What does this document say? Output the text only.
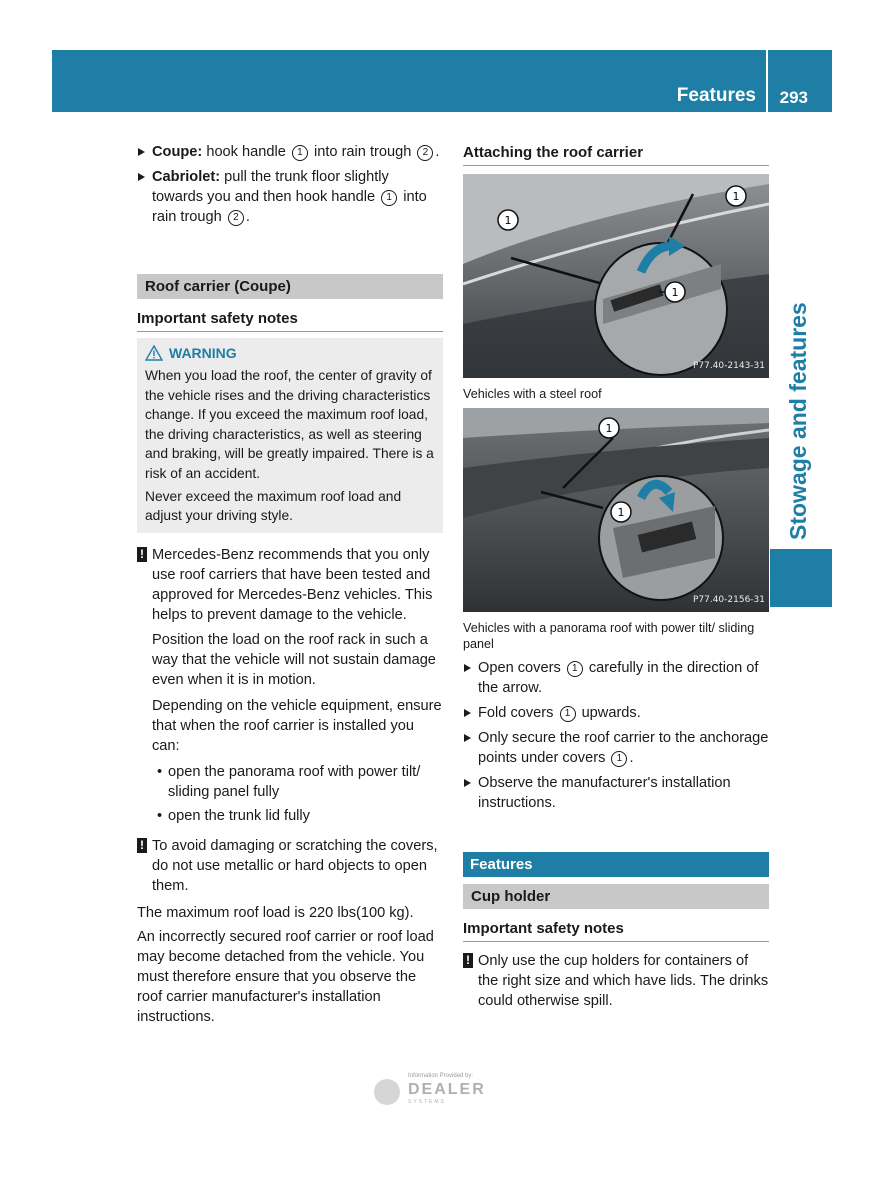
Features 293
Stowage and features
Coupe: hook handle 1 into rain trough 2 .
Cabriolet: pull the trunk floor slightly towards you and then hook handle 1 into rain trough 2 .
Roof carrier (Coupe)
Important safety notes
WARNING
When you load the roof, the center of gravity of the vehicle rises and the driving characteristics change. If you exceed the maximum roof load, the driving characteristics, as well as steering and braking, will be greatly impaired. There is a risk of an accident.
Never exceed the maximum roof load and adjust your driving style.
! Mercedes-Benz recommends that you only use roof carriers that have been tested and approved for Mercedes-Benz vehicles. This helps to prevent damage to the vehicle.
Position the load on the roof rack in such a way that the vehicle will not sustain damage even when it is in motion.
Depending on the vehicle equipment, ensure that when the roof carrier is installed you can:
• open the panorama roof with power tilt/ sliding panel fully
• open the trunk lid fully
! To avoid damaging or scratching the covers, do not use metallic or hard objects to open them.
The maximum roof load is 220 lbs(100 kg).
An incorrectly secured roof carrier or roof load may become detached from the vehicle. You must therefore ensure that you observe the roof carrier manufacturer's installation instructions.
Attaching the roof carrier
1
1
1
P77.40-2143-31
Vehicles with a steel roof
1
1
P77.40-2156-31
Vehicles with a panorama roof with power tilt/ sliding panel
Open covers 1 carefully in the direction of the arrow.
Fold covers 1 upwards.
Only secure the roof carrier to the anchorage points under covers 1 .
Observe the manufacturer's installation instructions.
Features
Cup holder
Important safety notes
! Only use the cup holders for containers of the right size and which have lids. The drinks could otherwise spill.
Information Provided by:
DEALER
SYSTEMS
